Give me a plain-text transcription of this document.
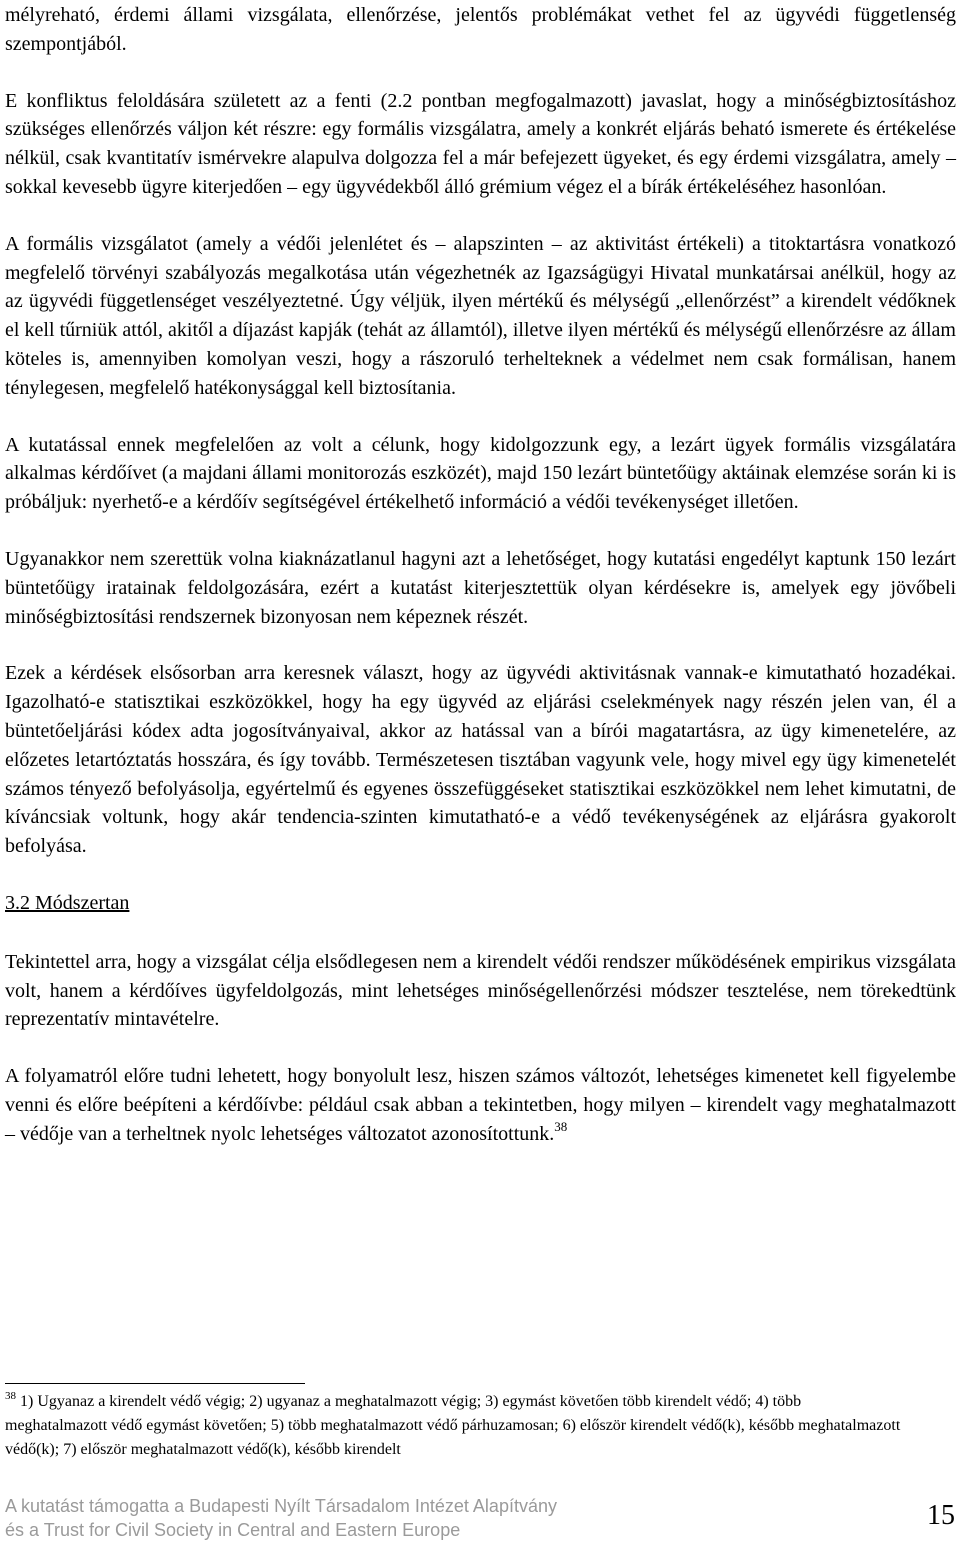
mélyreható, érdemi állami vizsgálata, ellenőrzése, jelentős problémákat vethet fel az ügyvédi függetlenség szempontjából.

E konfliktus feloldására született az a fenti (2.2 pontban megfogalmazott) javaslat, hogy a minőségbiztosításhoz szükséges ellenőrzés váljon két részre: egy formális vizsgálatra, amely a konkrét eljárás beható ismerete és értékelése nélkül, csak kvantitatív ismérvekre alapulva dolgozza fel a már befejezett ügyeket, és egy érdemi vizsgálatra, amely – sokkal kevesebb ügyre kiterjedően – egy ügyvédekből álló grémium végez el a bírák értékeléséhez hasonlóan.

A formális vizsgálatot (amely a védői jelenlétet és – alapszinten – az aktivitást értékeli) a titoktartásra vonatkozó megfelelő törvényi szabályozás megalkotása után végezhetnék az Igazságügyi Hivatal munkatársai anélkül, hogy az az ügyvédi függetlenséget veszélyeztetné. Úgy véljük, ilyen mértékű és mélységű „ellenőrzést” a kirendelt védőknek el kell tűrniük attól, akitől a díjazást kapják (tehát az államtól), illetve ilyen mértékű és mélységű ellenőrzésre az állam köteles is, amennyiben komolyan veszi, hogy a rászoruló terhelteknek a védelmet nem csak formálisan, hanem ténylegesen, megfelelő hatékonysággal kell biztosítania.

A kutatással ennek megfelelően az volt a célunk, hogy kidolgozzunk egy, a lezárt ügyek formális vizsgálatára alkalmas kérdőívet (a majdani állami monitorozás eszközét), majd 150 lezárt büntetőügy aktáinak elemzése során ki is próbáljuk: nyerhető-e a kérdőív segítségével értékelhető információ a védői tevékenységet illetően.

Ugyanakkor nem szerettük volna kiaknázatlanul hagyni azt a lehetőséget, hogy kutatási engedélyt kaptunk 150 lezárt büntetőügy iratainak feldolgozására, ezért a kutatást kiterjesztettük olyan kérdésekre is, amelyek egy jövőbeli minőségbiztosítási rendszernek bizonyosan nem képeznek részét.

Ezek a kérdések elsősorban arra keresnek választ, hogy az ügyvédi aktivitásnak vannak-e kimutatható hozadékai. Igazolható-e statisztikai eszközökkel, hogy ha egy ügyvéd az eljárási cselekmények nagy részén jelen van, él a büntetőeljárási kódex adta jogosítványaival, akkor az hatással van a bírói magatartásra, az ügy kimenetelére, az előzetes letartóztatás hosszára, és így tovább. Természetesen tisztában vagyunk vele, hogy mivel egy ügy kimenetelét számos tényező befolyásolja, egyértelmű és egyenes összefüggéseket statisztikai eszközökkel nem lehet kimutatni, de kíváncsiak voltunk, hogy akár tendencia-szinten kimutatható-e a védő tevékenységének az eljárásra gyakorolt befolyása.

3.2 Módszertan

Tekintettel arra, hogy a vizsgálat célja elsődlegesen nem a kirendelt védői rendszer működésének empirikus vizsgálata volt, hanem a kérdőíves ügyfeldolgozás, mint lehetséges minőségellenőrzési módszer tesztelése, nem törekedtünk reprezentatív mintavételre.

A folyamatról előre tudni lehetett, hogy bonyolult lesz, hiszen számos változót, lehetséges kimenetet kell figyelembe venni és előre beépíteni a kérdőívbe: például csak abban a tekintetben, hogy milyen – kirendelt vagy meghatalmazott – védője van a terheltnek nyolc lehetséges változatot azonosítottunk.$^{38}$

$^{38}$ 1) Ugyanaz a kirendelt védő végig; 2) ugyanaz a meghatalmazott végig; 3) egymást követően több kirendelt védő; 4) több meghatalmazott védő egymást követően; 5) több meghatalmazott védő párhuzamosan; 6) először kirendelt védő(k), később meghatalmazott védő(k); 7) először meghatalmazott védő(k), később kirendelt
A kutatást támogatta a Budapesti Nyílt Társadalom Intézet Alapítvány
és a Trust for Civil Society in Central and Eastern Europe	15
